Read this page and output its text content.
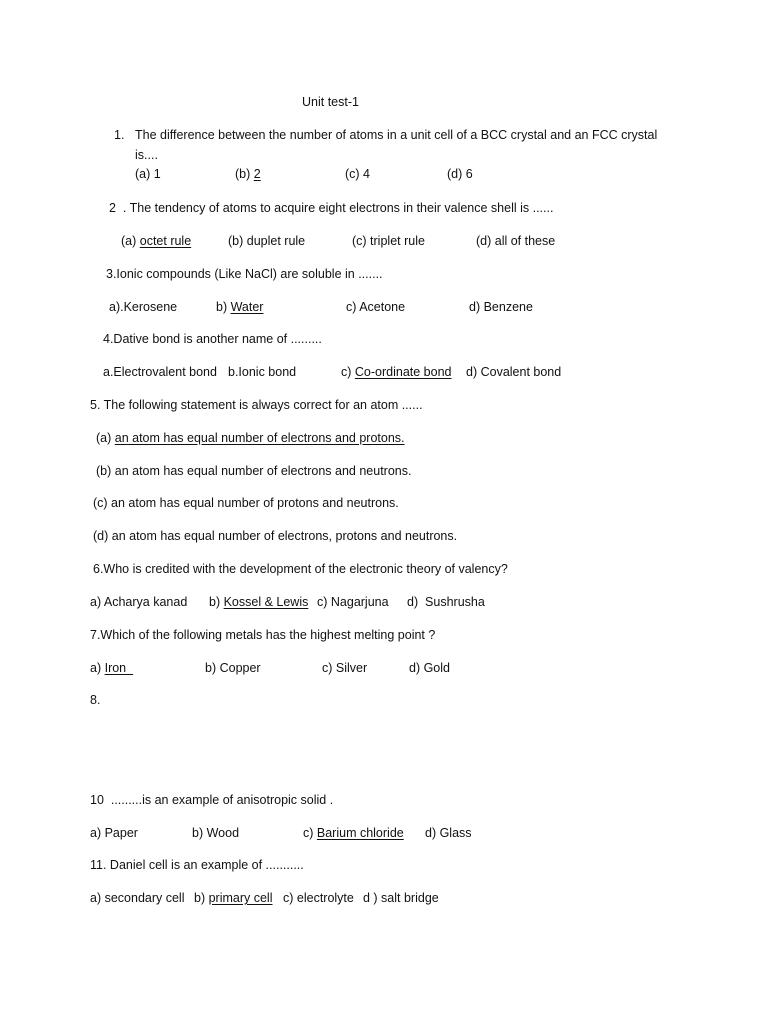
Unit test-1
1. The difference between the number of atoms in a unit cell of a BCC crystal and an FCC crystal
is....
(a) 1	(b) 2	(c) 4	(d) 6
2  . The tendency of atoms to acquire eight electrons in their valence shell is ......
(a) octet rule	(b) duplet rule	(c) triplet rule	(d) all of these
3.Ionic compounds (Like NaCl) are soluble in .......
a).Kerosene	b) Water	c) Acetone	d) Benzene
4.Dative bond is another name of .........
a.Electrovalent bond b.Ionic bond	c) Co-ordinate bond d) Covalent bond
5. The following statement is always correct for an atom ......
(a) an atom has equal number of electrons and protons.
(b) an atom has equal number of electrons and neutrons.
(c) an atom has equal number of protons and neutrons.
(d) an atom has equal number of electrons, protons and neutrons.
6.Who is credited with the development of the electronic theory of valency?
a) Acharya kanad b) Kossel & Lewis c) Nagarjuna d)  Sushrusha
7.Which of the following metals has the highest melting point ?
a) Iron	b) Copper	c) Silver	d) Gold
8.
10  .........is an example of anisotropic solid .
a) Paper	b) Wood	c) Barium chloride d) Glass
11. Daniel cell is an example of ...........
a) secondary cell b) primary cell c) electrolyte d ) salt bridge
